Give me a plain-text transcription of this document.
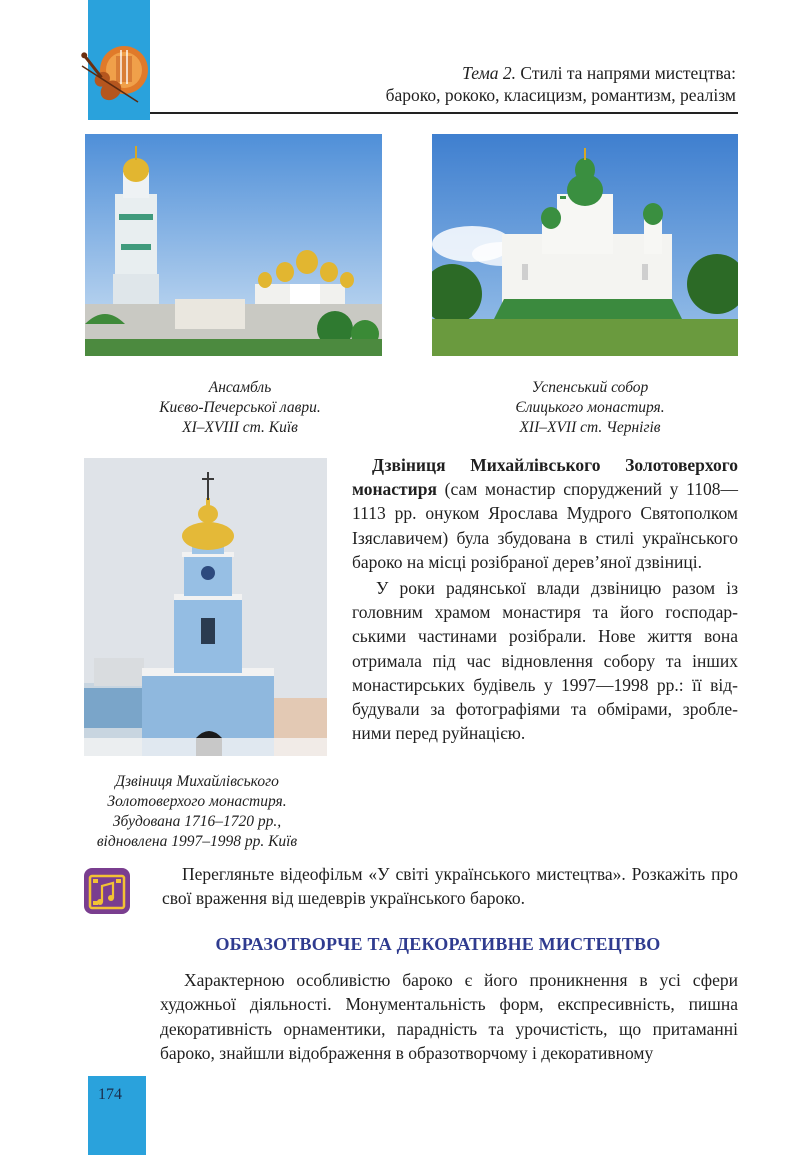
Тема 2. Стилі та напрями мистецтва:
бароко, рококо, класицизм, романтизм, реалізм
Ансамбль
Києво-Печерської лаври.
XI–XVIII ст. Київ
Успенський собор
Єлицького монастиря.
XII–XVII ст. Чернігів
Дзвіниця Михайлівського
Золотоверхого монастиря.
Збудована 1716–1720 рр.,
відновлена 1997–1998 рр. Київ

Дзвіниця Михайлівського Золотоверхого монастиря (сам монастир споруджений у 1108—1113 рр. онуком Ярослава Мудрого Святополком Ізяславичем) була збудована в стилі українського бароко на місці розібраної дерев’яної дзвіниці.

У роки радянської влади дзвіницю разом із головним храмом монастиря та його господарськими частинами розібрали. Нове життя вона отримала під час відновлення собору та інших монастирських будівель у 1997—1998 рр.: її відбудували за фотографіями та обмірами, зробленими перед руйнацією.

Перегляньте відеофільм «У світі українського мистецтва». Розкажіть про свої враження від шедеврів українського бароко.

ОБРАЗОТВОРЧЕ ТА ДЕКОРАТИВНЕ МИСТЕЦТВО

Характерною особливістю бароко є його проникнення в усі сфери художньої діяльності. Монументальність форм, експресивність, пишна декоративність орнаментики, парадність та урочистість, що притаманні бароко, знайшли відображення в образотворчому і декоративному

174
